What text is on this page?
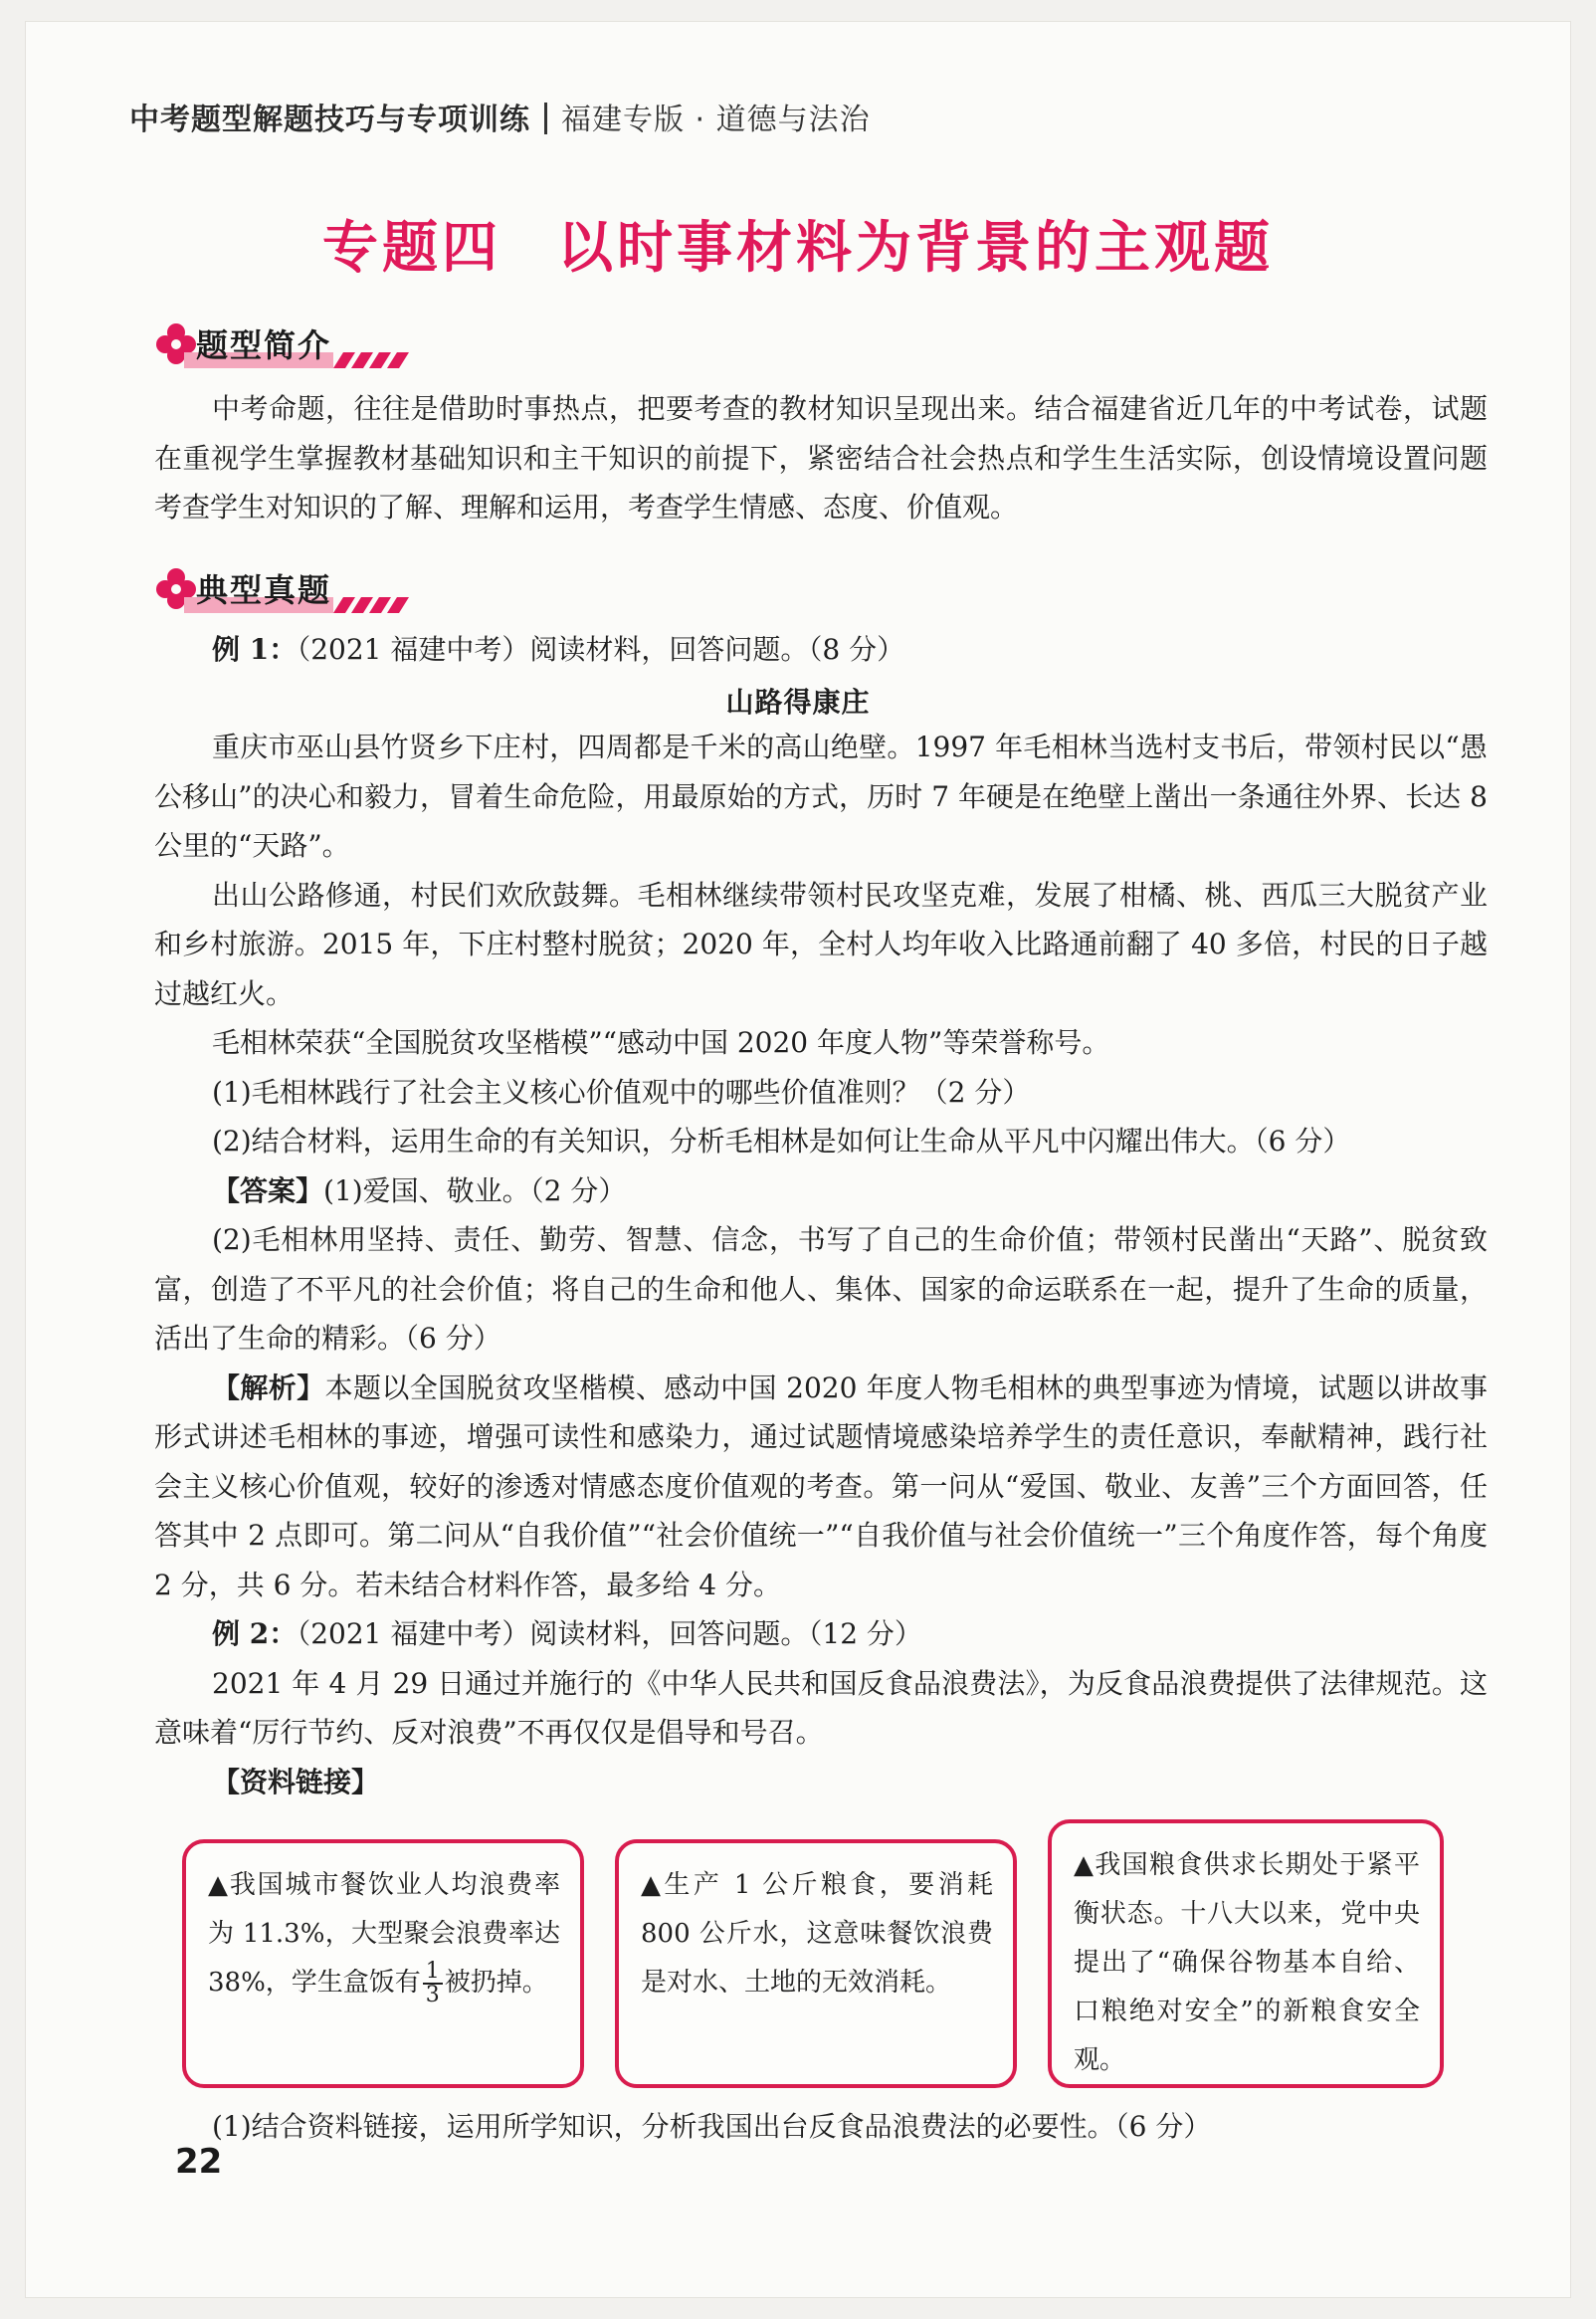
中考题型解题技巧与专项训练 福建专版 · 道德与法治
专题四 以时事材料为背景的主观题
题型简介

中考命题，往往是借助时事热点，把要考查的教材知识呈现出来。结合福建省近几年的中考试卷，试题在重视学生掌握教材基础知识和主干知识的前提下，紧密结合社会热点和学生生活实际，创设情境设置问题考查学生对知识的了解、理解和运用，考查学生情感、态度、价值观。

典型真题

例 1：（2021 福建中考）阅读材料，回答问题。（8 分）

山路得康庄

重庆市巫山县竹贤乡下庄村，四周都是千米的高山绝壁。1997 年毛相林当选村支书后，带领村民以“愚公移山”的决心和毅力，冒着生命危险，用最原始的方式，历时 7 年硬是在绝壁上凿出一条通往外界、长达 8 公里的“天路”。

出山公路修通，村民们欢欣鼓舞。毛相林继续带领村民攻坚克难，发展了柑橘、桃、西瓜三大脱贫产业和乡村旅游。2015 年，下庄村整村脱贫；2020 年，全村人均年收入比路通前翻了 40 多倍，村民的日子越过越红火。

毛相林荣获“全国脱贫攻坚楷模”“感动中国 2020 年度人物”等荣誉称号。

(1)毛相林践行了社会主义核心价值观中的哪些价值准则？（2 分）

(2)结合材料，运用生命的有关知识，分析毛相林是如何让生命从平凡中闪耀出伟大。（6 分）

【答案】(1)爱国、敬业。（2 分）

(2)毛相林用坚持、责任、勤劳、智慧、信念，书写了自己的生命价值；带领村民凿出“天路”、脱贫致富，创造了不平凡的社会价值；将自己的生命和他人、集体、国家的命运联系在一起，提升了生命的质量，活出了生命的精彩。（6 分）

【解析】本题以全国脱贫攻坚楷模、感动中国 2020 年度人物毛相林的典型事迹为情境，试题以讲故事形式讲述毛相林的事迹，增强可读性和感染力，通过试题情境感染培养学生的责任意识，奉献精神，践行社会主义核心价值观，较好的渗透对情感态度价值观的考查。第一问从“爱国、敬业、友善”三个方面回答，任答其中 2 点即可。第二问从“自我价值”“社会价值统一”“自我价值与社会价值统一”三个角度作答，每个角度 2 分，共 6 分。若未结合材料作答，最多给 4 分。

例 2：（2021 福建中考）阅读材料，回答问题。（12 分）

2021 年 4 月 29 日通过并施行的《中华人民共和国反食品浪费法》，为反食品浪费提供了法律规范。这意味着“厉行节约、反对浪费”不再仅仅是倡导和号召。

【资料链接】

▲我国城市餐饮业人均浪费率为 11.3%，大型聚会浪费率达 38%，学生盒饭有 $\frac{1}{3}$ 被扔掉。
▲生产 1 公斤粮食，要消耗 800 公斤水，这意味餐饮浪费是对水、土地的无效消耗。
▲我国粮食供求长期处于紧平衡状态。十八大以来，党中央提出了“确保谷物基本自给、口粮绝对安全”的新粮食安全观。

(1)结合资料链接，运用所学知识，分析我国出台反食品浪费法的必要性。（6 分）

22
